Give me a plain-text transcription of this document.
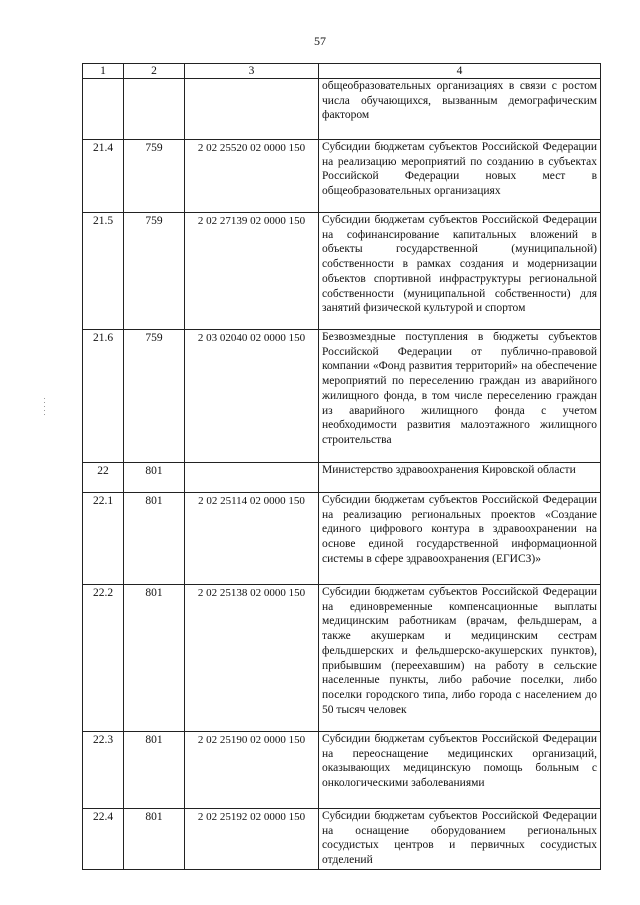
57
1	2	3	4
			общеобразовательных организациях в связи с ростом числа обучающихся, вызванным демографическим фактором
21.4	759	2 02 25520 02 0000 150	Субсидии бюджетам субъектов Российской Федерации на реализацию мероприятий по созданию в субъектах Российской Федерации новых мест в общеобразовательных организациях
21.5	759	2 02 27139 02 0000 150	Субсидии бюджетам субъектов Российской Федерации на софинансирование капитальных вложений в объекты государственной (муниципальной) собственности в рамках создания и модернизации объектов спортивной инфраструктуры региональной собственности (муниципальной собственности) для занятий физической культурой и спортом
21.6	759	2 03 02040 02 0000 150	Безвозмездные поступления в бюджеты субъектов Российской Федерации от публично-правовой компании «Фонд развития территорий» на обеспечение мероприятий по переселению граждан из аварийного жилищного фонда, в том числе переселению граждан из аварийного жилищного фонда с учетом необходимости развития малоэтажного жилищного строительства
22	801		Министерство здравоохранения Кировской области
22.1	801	2 02 25114 02 0000 150	Субсидии бюджетам субъектов Российской Федерации на реализацию региональных проектов «Создание единого цифрового контура в здравоохранении на основе единой государственной информационной системы в сфере здравоохранения (ЕГИСЗ)»
22.2	801	2 02 25138 02 0000 150	Субсидии бюджетам субъектов Российской Федерации на единовременные компенсационные выплаты медицинским работникам (врачам, фельдшерам, а также акушеркам и медицинским сестрам фельдшерских и фельдшерско-акушерских пунктов), прибывшим (переехавшим) на работу в сельские населенные пункты, либо рабочие поселки, либо поселки городского типа, либо города с населением до 50 тысяч человек
22.3	801	2 02 25190 02 0000 150	Субсидии бюджетам субъектов Российской Федерации на переоснащение медицинских организаций, оказывающих медицинскую помощь больным с онкологическими заболеваниями
22.4	801	2 02 25192 02 0000 150	Субсидии бюджетам субъектов Российской Федерации на оснащение оборудованием региональных сосудистых центров и первичных сосудистых отделений
